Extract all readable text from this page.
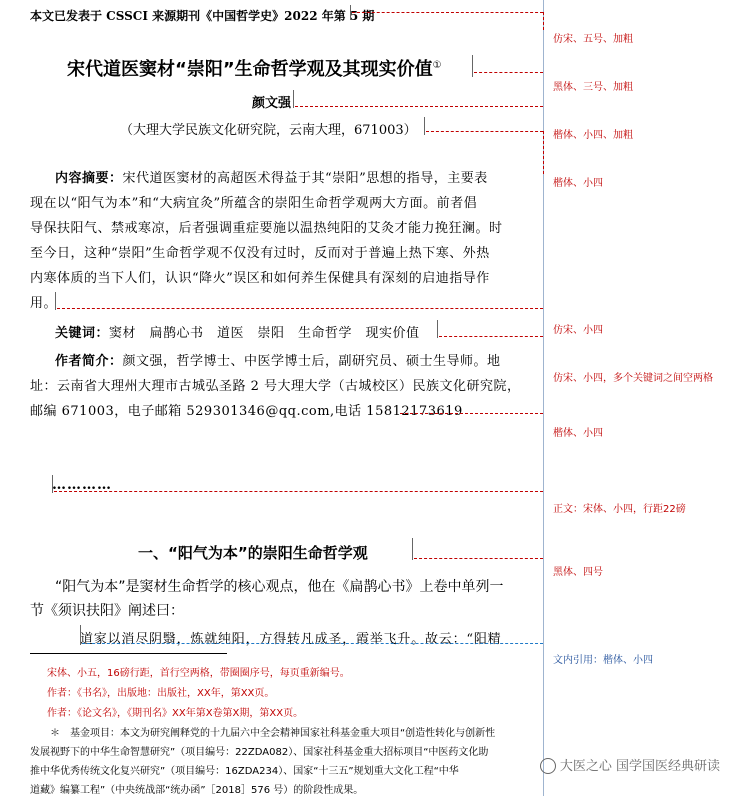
本文已发表于 CSSCI 来源期刊《中国哲学史》2022 年第 5 期
宋代道医窦材“崇阳”生命哲学观及其现实价值①
颜文强
（大理大学民族文化研究院，云南大理，671003）
内容摘要：宋代道医窦材的高超医术得益于其“崇阳”思想的指导，主要表
现在以“阳气为本”和“大病宜灸”所蕴含的崇阳生命哲学观两大方面。前者倡
导保扶阳气、禁戒寒凉，后者强调重症要施以温热纯阳的艾灸才能力挽狂澜。时
至今日，这种“崇阳”生命哲学观不仅没有过时，反而对于普遍上热下寒、外热
内寒体质的当下人们，认识“降火”误区和如何养生保健具有深刻的启迪指导作
用。
关键词：窦材　扁鹊心书　道医　崇阳　生命哲学　现实价值
作者简介：颜文强，哲学博士、中医学博士后，副研究员、硕士生导师。地
址：云南省大理州大理市古城弘圣路 2 号大理大学（古城校区）民族文化研究院，
邮编 671003，电子邮箱 529301346@qq.com,电话 15812173619
…………
一、“阳气为本”的崇阳生命哲学观
“阳气为本”是窦材生命哲学的核心观点，他在《扁鹊心书》上卷中单列一
节《须识扶阳》阐述曰：
道家以消尽阴翳，炼就纯阳，方得转凡成圣，霞举飞升。故云：“阳精
宋体、小五，16磅行距，首行空两格，带圈圈序号，每页重新编号。
作者：《书名》，出版地：出版社，XX年，第XX页。
作者：《论文名》，《期刊名》XX年第X卷第X期，第XX页。
＊　基金项目：本文为研究阐释党的十九届六中全会精神国家社科基金重大项目“创造性转化与创新性
发展视野下的中华生命智慧研究”（项目编号：22ZDA082）、国家社科基金重大招标项目“中医药文化助
推中华优秀传统文化复兴研究”（项目编号：16ZDA234）、国家“十三五”规划重大文化工程“中华
道藏》编纂工程”（中央统战部“统办函”［2018］576 号）的阶段性成果。
仿宋、五号、加粗
黑体、三号、加粗
楷体、小四、加粗
楷体、小四
仿宋、小四
仿宋、小四，多个关键词之间空两格
楷体、小四
正文：宋体、小四，行距22磅
黑体、四号
文内引用：楷体、小四
大医之心 国学国医经典研读
